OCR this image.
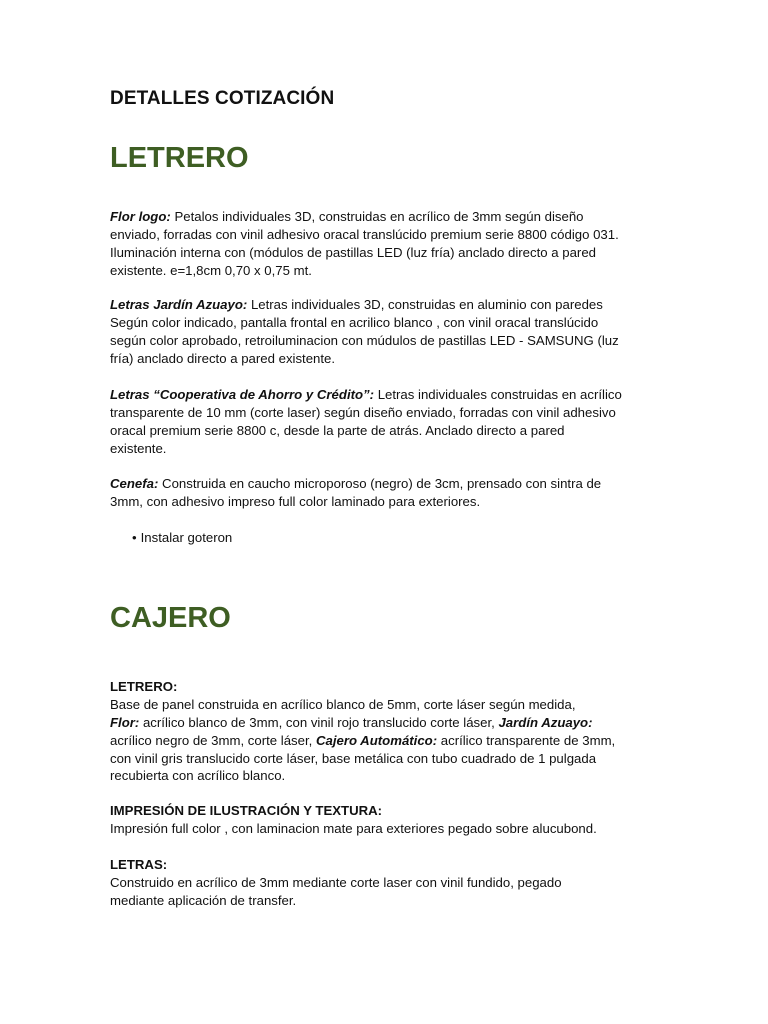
DETALLES COTIZACIÓN
LETRERO
Flor logo: Petalos individuales 3D, construidas en acrílico de 3mm según diseño
enviado, forradas con vinil adhesivo oracal translúcido premium serie 8800 código 031.
Iluminación interna con (módulos de pastillas LED (luz fría) anclado directo a pared
existente. e=1,8cm 0,70 x 0,75 mt.
Letras Jardín Azuayo: Letras individuales 3D, construidas en aluminio con paredes
Según color indicado, pantalla frontal en acrilico blanco , con vinil oracal translúcido
según color aprobado, retroiluminacion con múdulos de pastillas LED - SAMSUNG (luz
fría) anclado directo a pared existente.
Letras “Cooperativa de Ahorro y Crédito”: Letras individuales construidas en acrílico
transparente de 10 mm (corte laser) según diseño enviado, forradas con vinil adhesivo
oracal premium serie 8800 c, desde la parte de atrás. Anclado directo a pared
existente.
Cenefa: Construida en caucho microporoso (negro) de 3cm, prensado con sintra de
3mm, con adhesivo impreso full color laminado para exteriores.
• Instalar goteron
CAJERO
LETRERO:
Base de panel construida en acrílico blanco de 5mm, corte láser según medida,
Flor: acrílico blanco de 3mm, con vinil rojo translucido corte láser, Jardín Azuayo:
acrílico negro de 3mm, corte láser, Cajero Automático: acrílico transparente de 3mm,
con vinil gris translucido corte láser, base metálica con tubo cuadrado de 1 pulgada
recubierta con acrílico blanco.
IMPRESIÓN DE ILUSTRACIÓN Y TEXTURA:
Impresión full color , con laminacion mate para exteriores pegado sobre alucubond.
LETRAS:
Construido en acrílico de 3mm mediante corte laser con vinil fundido, pegado
mediante aplicación de transfer.
